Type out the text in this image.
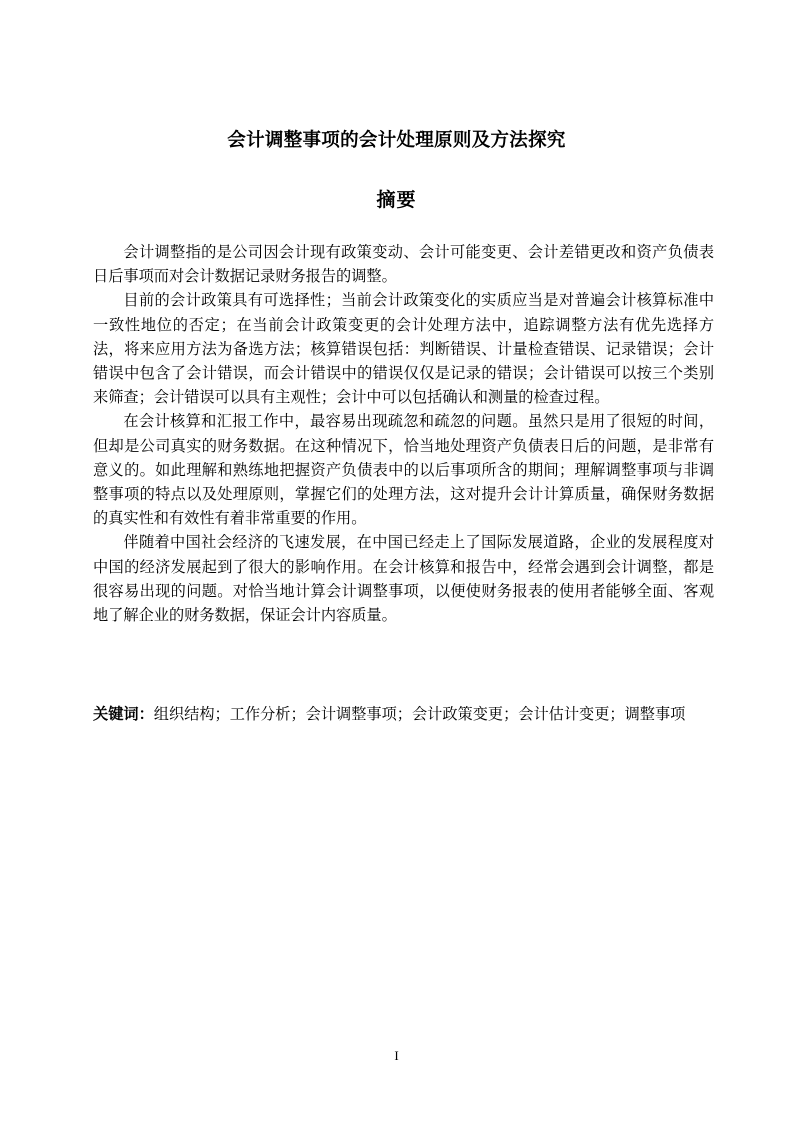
会计调整事项的会计处理原则及方法探究
摘要

会计调整指的是公司因会计现有政策变动、会计可能变更、会计差错更改和资产负债表日后事项而对会计数据记录财务报告的调整。

目前的会计政策具有可选择性；当前会计政策变化的实质应当是对普遍会计核算标准中一致性地位的否定；在当前会计政策变更的会计处理方法中，追踪调整方法有优先选择方法，将来应用方法为备选方法；核算错误包括：判断错误、计量检查错误、记录错误；会计错误中包含了会计错误，而会计错误中的错误仅仅是记录的错误；会计错误可以按三个类别来筛查；会计错误可以具有主观性；会计中可以包括确认和测量的检查过程。

在会计核算和汇报工作中，最容易出现疏忽和疏忽的问题。虽然只是用了很短的时间，但却是公司真实的财务数据。在这种情况下，恰当地处理资产负债表日后的问题，是非常有意义的。如此理解和熟练地把握资产负债表中的以后事项所含的期间；理解调整事项与非调整事项的特点以及处理原则，掌握它们的处理方法，这对提升会计计算质量，确保财务数据的真实性和有效性有着非常重要的作用。

伴随着中国社会经济的飞速发展，在中国已经走上了国际发展道路，企业的发展程度对中国的经济发展起到了很大的影响作用。在会计核算和报告中，经常会遇到会计调整，都是很容易出现的问题。对恰当地计算会计调整事项，以便使财务报表的使用者能够全面、客观地了解企业的财务数据，保证会计内容质量。

关键词：组织结构；工作分析；会计调整事项；会计政策变更；会计估计变更；调整事项
I
